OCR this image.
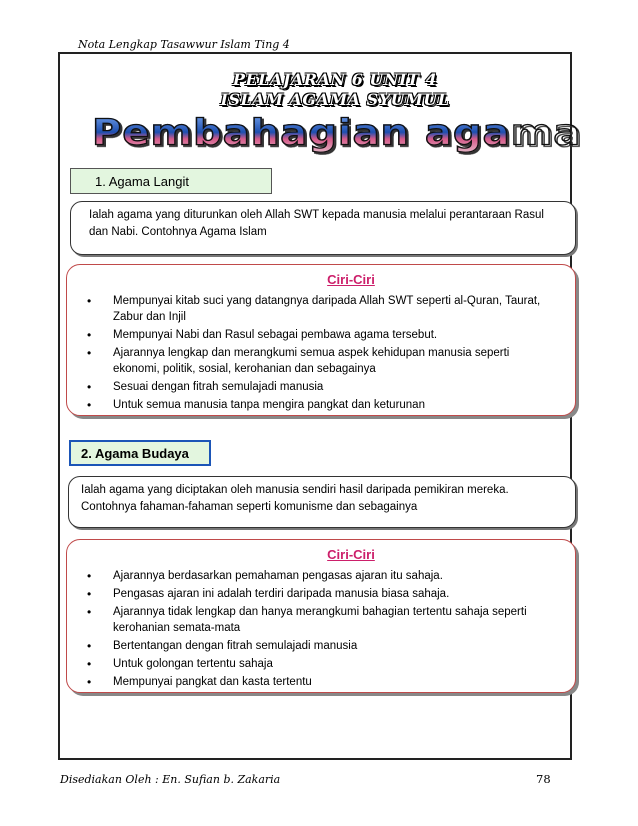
Nota Lengkap Tasawwur Islam Ting 4
PELAJARAN 6 UNIT 4
ISLAM AGAMA SYUMUL
Pembahagian agama
1. Agama Langit
Ialah agama yang diturunkan oleh Allah SWT kepada manusia melalui perantaraan Rasul dan Nabi. Contohnya Agama Islam
Ciri-Ciri
• Mempunyai kitab suci yang datangnya daripada Allah SWT seperti al-Quran, Taurat, Zabur dan Injil
• Mempunyai Nabi dan Rasul sebagai pembawa agama tersebut.
• Ajarannya lengkap dan merangkumi semua aspek kehidupan manusia seperti ekonomi, politik, sosial, kerohanian dan sebagainya
• Sesuai dengan fitrah semulajadi manusia
• Untuk semua manusia tanpa mengira pangkat dan keturunan
2. Agama Budaya
Ialah agama yang diciptakan oleh manusia sendiri hasil daripada pemikiran mereka. Contohnya fahaman-fahaman seperti komunisme dan sebagainya
Ciri-Ciri
• Ajarannya berdasarkan pemahaman pengasas ajaran itu sahaja.
• Pengasas ajaran ini adalah terdiri daripada manusia biasa sahaja.
• Ajarannya tidak lengkap dan hanya merangkumi bahagian tertentu sahaja seperti kerohanian semata-mata
• Bertentangan dengan fitrah semulajadi manusia
• Untuk golongan tertentu sahaja
• Mempunyai pangkat dan kasta tertentu
Disediakan Oleh : En. Sufian b. Zakaria	78
